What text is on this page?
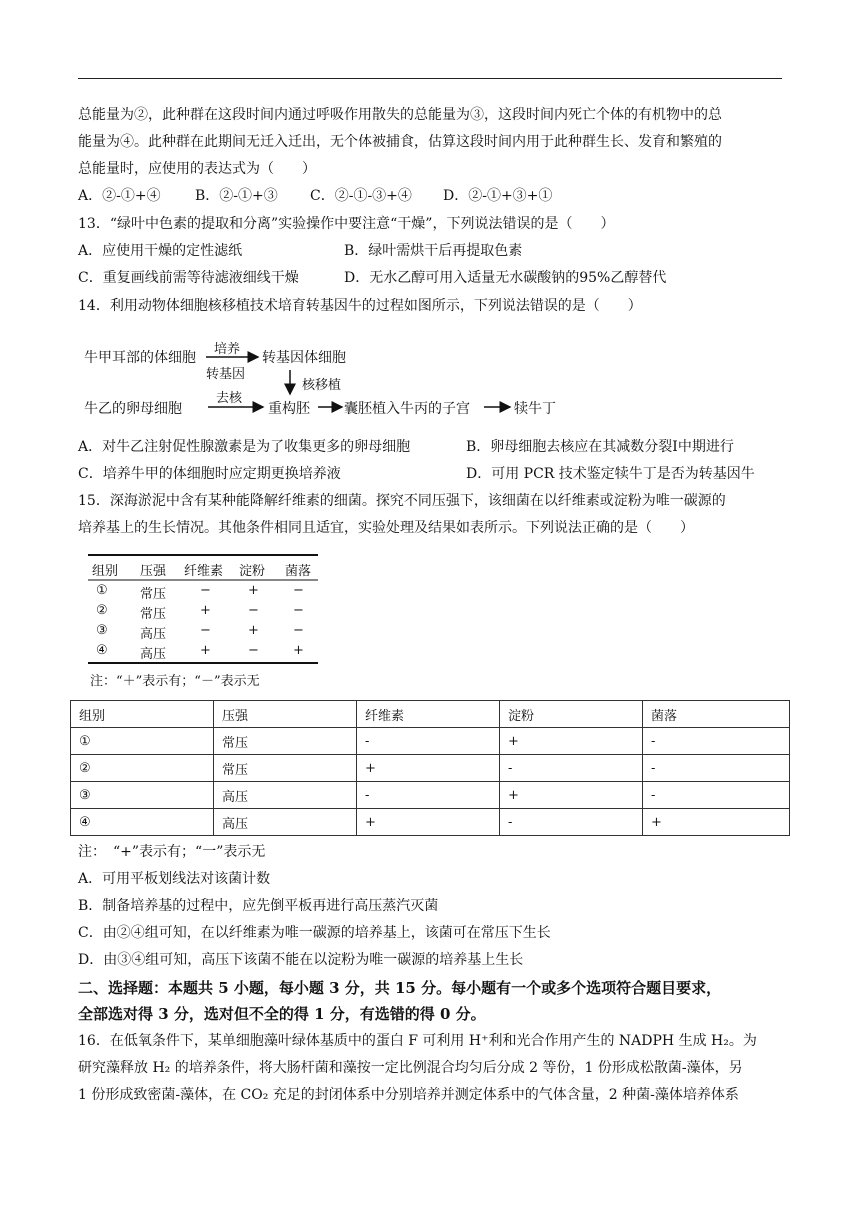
总能量为②，此种群在这段时间内通过呼吸作用散失的总能量为③，这段时间内死亡个体的有机物中的总
能量为④。此种群在此期间无迁入迁出，无个体被捕食，估算这段时间内用于此种群生长、发育和繁殖的
总能量时，应使用的表达式为（　　）
A．②-①+④ B．②-①+③ C．②-①-③+④ D．②-①+③+①
13．“绿叶中色素的提取和分离”实验操作中要注意“干燥”，下列说法错误的是（　　）
A．应使用干燥的定性滤纸	B．绿叶需烘干后再提取色素
C．重复画线前需等待滤液细线干燥	D．无水乙醇可用入适量无水碳酸钠的95%乙醇替代
14．利用动物体细胞核移植技术培育转基因牛的过程如图所示，下列说法错误的是（　　）
牛甲耳部的体细胞
培养
转基因
转基因体细胞
核移植
牛乙的卵母细胞
去核
重构胚 囊胚植入牛丙的子宫	犊牛丁
A．对牛乙注射促性腺激素是为了收集更多的卵母细胞	B．卵母细胞去核应在其减数分裂Ⅰ中期进行
C．培养牛甲的体细胞时应定期更换培养液	D．可用 PCR 技术鉴定犊牛丁是否为转基因牛
15．深海淤泥中含有某种能降解纤维素的细菌。探究不同压强下，该细菌在以纤维素或淀粉为唯一碳源的
培养基上的生长情况。其他条件相同且适宜，实验处理及结果如表所示。下列说法正确的是（　　）
组别 压强 纤维素 淀粉 菌落
① 常压	−	+	−
② 常压	+	−	−
③ 高压	−	+	−
④ 高压	+	−	+
注：“＋”表示有；“－”表示无
组别	压强	纤维素	淀粉	菌落
①	常压	-	+	-
②	常压	+	-	-
③	高压	-	+	-
④	高压	+	-	+
注：　“+”表示有；“一”表示无
A．可用平板划线法对该菌计数
B．制备培养基的过程中，应先倒平板再进行高压蒸汽灭菌
C．由②④组可知，在以纤维素为唯一碳源的培养基上，该菌可在常压下生长
D．由③④组可知，高压下该菌不能在以淀粉为唯一碳源的培养基上生长
二、选择题：本题共 5 小题，每小题 3 分，共 15 分。每小题有一个或多个选项符合题目要求，
全部选对得 3 分，选对但不全的得 1 分，有选错的得 0 分。
16．在低氧条件下，某单细胞藻叶绿体基质中的蛋白 F 可利用 H⁺利和光合作用产生的 NADPH 生成 H₂。为
研究藻释放 H₂ 的培养条件，将大肠杆菌和藻按一定比例混合均匀后分成 2 等份，1 份形成松散菌-藻体，另
1 份形成致密菌-藻体，在 CO₂ 充足的封闭体系中分别培养并测定体系中的气体含量，2 种菌-藻体培养体系
